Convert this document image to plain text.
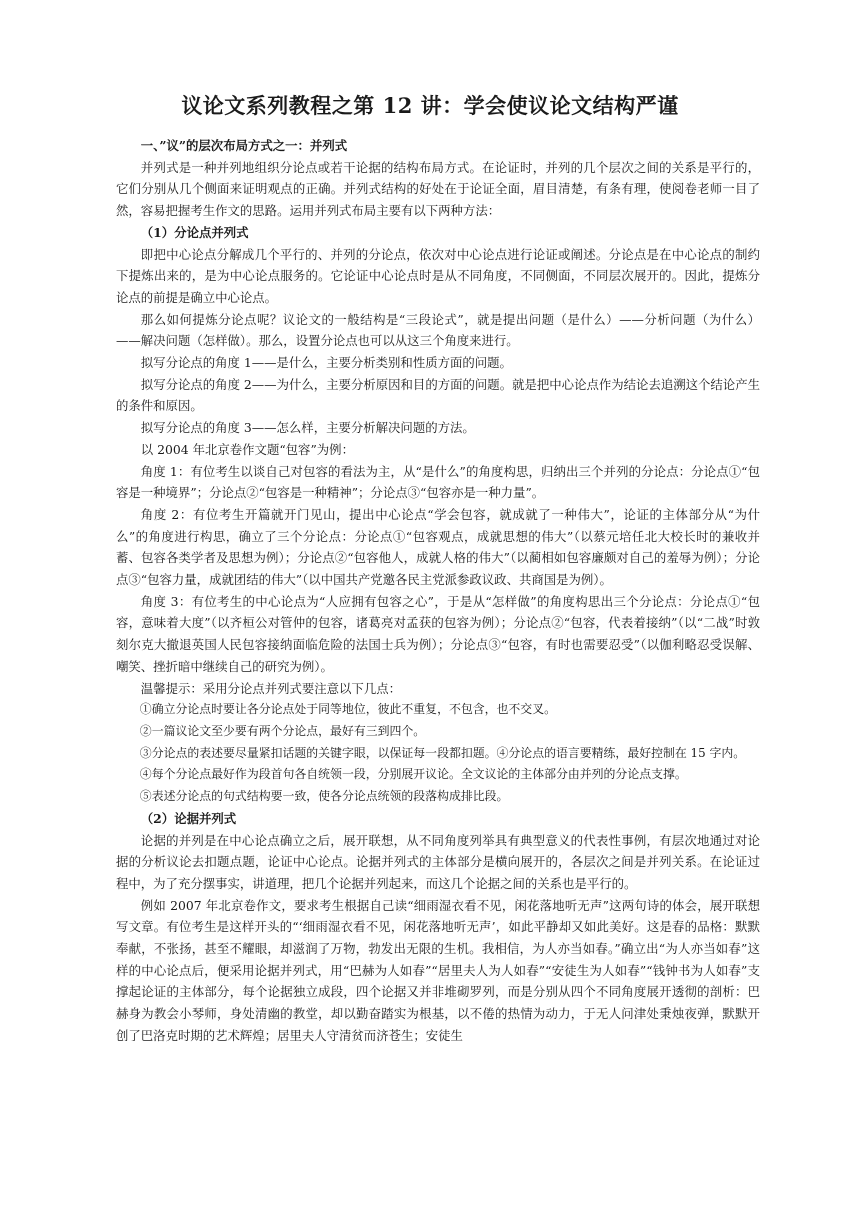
议论文系列教程之第 12 讲：学会使议论文结构严谨

一、”议”的层次布局方式之一：并列式

并列式是一种并列地组织分论点或若干论据的结构布局方式。在论证时，并列的几个层次之间的关系是平行的，它们分别从几个侧面来证明观点的正确。并列式结构的好处在于论证全面，眉目清楚，有条有理，使阅卷老师一目了然，容易把握考生作文的思路。运用并列式布局主要有以下两种方法：

（1）分论点并列式

即把中心论点分解成几个平行的、并列的分论点，依次对中心论点进行论证或阐述。分论点是在中心论点的制约下提炼出来的，是为中心论点服务的。它论证中心论点时是从不同角度，不同侧面，不同层次展开的。因此，提炼分论点的前提是确立中心论点。

那么如何提炼分论点呢？议论文的一般结构是“三段论式”，就是提出问题（是什么）——分析问题（为什么）——解决问题（怎样做）。那么，设置分论点也可以从这三个角度来进行。

拟写分论点的角度 1——是什么，主要分析类别和性质方面的问题。

拟写分论点的角度 2——为什么，主要分析原因和目的方面的问题。就是把中心论点作为结论去追溯这个结论产生的条件和原因。

拟写分论点的角度 3——怎么样，主要分析解决问题的方法。

以 2004 年北京卷作文题“包容”为例：

角度 1：有位考生以谈自己对包容的看法为主，从“是什么”的角度构思，归纳出三个并列的分论点：分论点①“包容是一种境界”；分论点②“包容是一种精神”；分论点③“包容亦是一种力量”。

角度 2：有位考生开篇就开门见山，提出中心论点“学会包容，就成就了一种伟大”，论证的主体部分从“为什么”的角度进行构思，确立了三个分论点：分论点①“包容观点，成就思想的伟大”（以蔡元培任北大校长时的兼收并蓄、包容各类学者及思想为例）；分论点②“包容他人，成就人格的伟大”（以蔺相如包容廉颇对自己的羞辱为例）；分论点③“包容力量，成就团结的伟大”（以中国共产党邀各民主党派参政议政、共商国是为例）。

角度 3：有位考生的中心论点为“人应拥有包容之心”，于是从“怎样做”的角度构思出三个分论点：分论点①“包容，意味着大度”（以齐桓公对管仲的包容，诸葛亮对孟获的包容为例）；分论点②“包容，代表着接纳”（以“二战”时敦刻尔克大撤退英国人民包容接纳面临危险的法国士兵为例）；分论点③“包容，有时也需要忍受”（以伽利略忍受误解、嘲笑、挫折暗中继续自己的研究为例）。

温馨提示：采用分论点并列式要注意以下几点：

①确立分论点时要让各分论点处于同等地位，彼此不重复，不包含，也不交叉。

②一篇议论文至少要有两个分论点，最好有三到四个。

③分论点的表述要尽量紧扣话题的关键字眼，以保证每一段都扣题。④分论点的语言要精练，最好控制在 15 字内。

④每个分论点最好作为段首句各自统领一段，分别展开议论。全文议论的主体部分由并列的分论点支撑。

⑤表述分论点的句式结构要一致，使各分论点统领的段落构成排比段。

（2）论据并列式

论据的并列是在中心论点确立之后，展开联想，从不同角度列举具有典型意义的代表性事例，有层次地通过对论据的分析议论去扣题点题，论证中心论点。论据并列式的主体部分是横向展开的，各层次之间是并列关系。在论证过程中，为了充分摆事实，讲道理，把几个论据并列起来，而这几个论据之间的关系也是平行的。

例如 2007 年北京卷作文，要求考生根据自己读“细雨湿衣看不见，闲花落地听无声”这两句诗的体会，展开联想写文章。有位考生是这样开头的“‘细雨湿衣看不见，闲花落地听无声’，如此平静却又如此美好。这是春的品格：默默奉献，不张扬，甚至不耀眼，却滋润了万物，勃发出无限的生机。我相信，为人亦当如春。”确立出“为人亦当如春”这样的中心论点后，便采用论据并列式，用“巴赫为人如春”“居里夫人为人如春”“安徒生为人如春”“钱钟书为人如春”支撑起论证的主体部分，每个论据独立成段，四个论据又并非堆砌罗列，而是分别从四个不同角度展开透彻的剖析：巴赫身为教会小琴师，身处清幽的教堂，却以勤奋踏实为根基，以不倦的热情为动力，于无人问津处秉烛夜弹，默默开创了巴洛克时期的艺术辉煌；居里夫人守清贫而济苍生；安徒生
